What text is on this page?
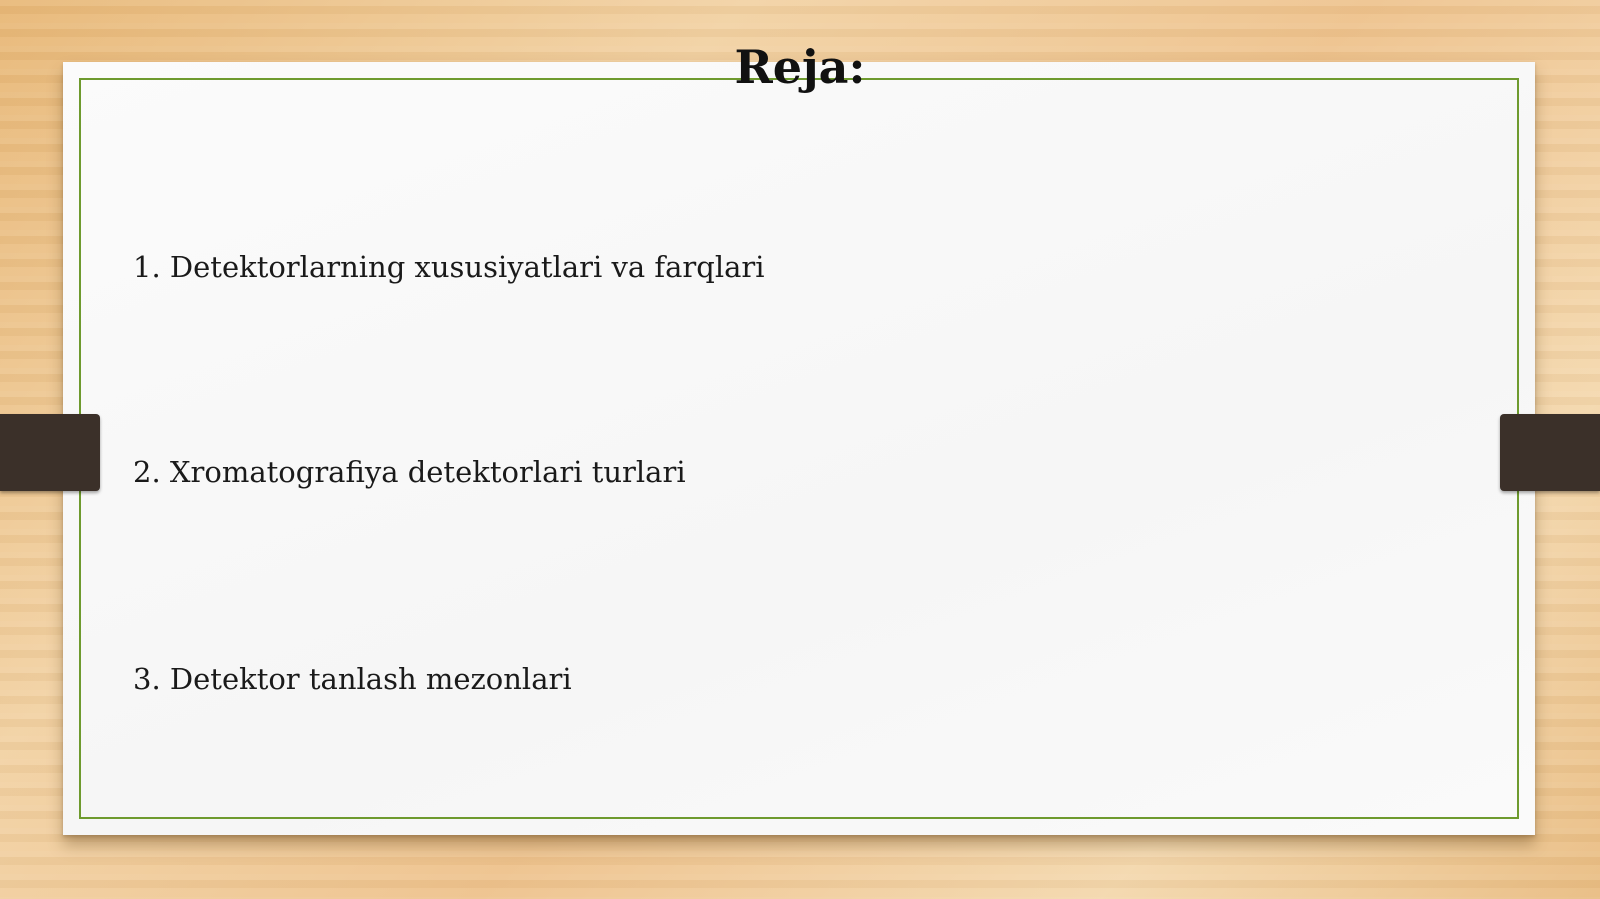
Reja:

1. Detektorlarning xususiyatlari va farqlari

2. Xromatografiya detektorlari turlari

3. Detektor tanlash mezonlari
